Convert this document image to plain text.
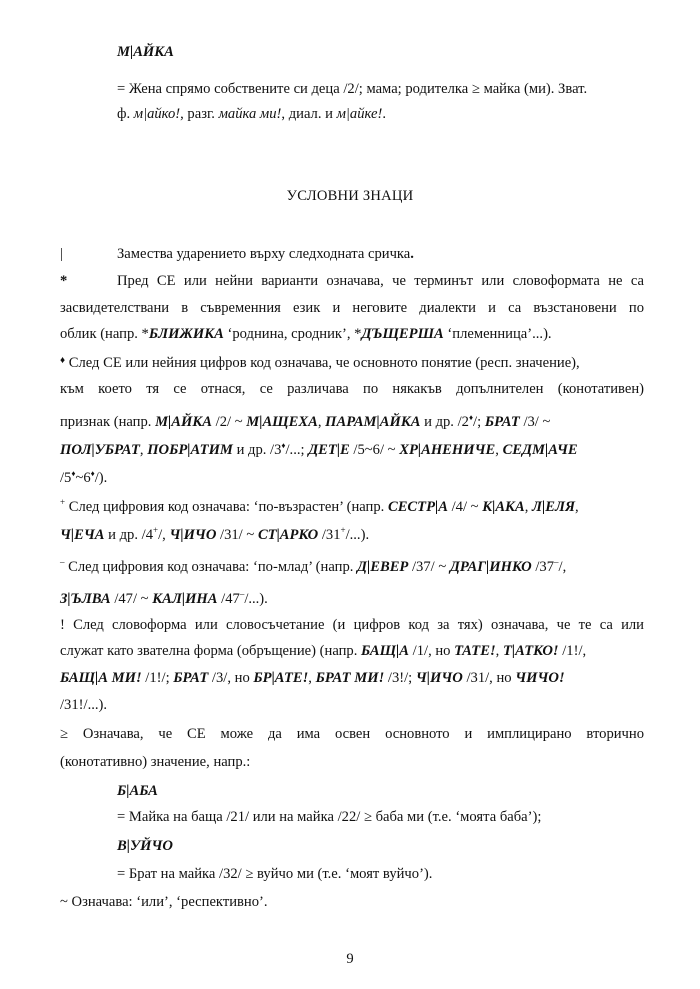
М|АЙКА
= Жена спрямо собствените си деца /2/; мама; родителка ≥ майка (ми). Зват.
ф. м|айко!, разг. майка ми!, диал. и м|айке!.
УСЛОВНИ ЗНАЦИ
|	Замества ударението върху следходната сричка.
*	Пред СЕ или нейни варианти означава, че терминът или словоформата не са
засвидетелствани в съвременния език и неговите диалекти и са възстановени по
облик (напр. *БЛИЖИКА ‘роднина, сродник’, *ДЪЩЕРША ‘племенница’...).
♦ След СЕ или нейния цифров код означава, че основното понятие (респ. значение),
към което тя се отнася, се различава по някакъв допълнителен (конотативен)
признак (напр. М|АЙКА /2/ ~ М|АЩЕХА, ПАРАМ|АЙКА и др. /2♦/; БРАТ /3/ ~
ПОЛ|УБРАТ, ПОБР|АТИМ и др. /3♦/...; ДЕТ|Е /5~6/ ~ ХР|АНЕНИЧЕ, СЕДМ|АЧЕ
/5♦~6♦/).
+ След цифровия код означава: ‘по-възрастен’ (напр. СЕСТР|А /4/ ~ К|АКА, Л|ЕЛЯ,
Ч|ЕЧА и др. /4+/, Ч|ИЧО /31/ ~ СТ|АРКО /31+/...).
– След цифровия код означава: ‘по-млад’ (напр. Д|ЕВЕР /37/ ~ ДРАГ|ИНКО /37–/,
З|ЪЛВА /47/ ~ КАЛ|ИНА /47–/...).
! След словоформа или словосъчетание (и цифров код за тях) означава, че те са или
служат като звателна форма (обръщение) (напр. БАЩ|А /1/, но ТАТЕ!, Т|АТКО! /1!/,
БАЩ|А МИ! /1!/; БРАТ /3/, но БР|АТЕ!, БРАТ МИ! /3!/; Ч|ИЧО /31/, но ЧИЧО!
/31!/...).
≥ Означава, че СЕ може да има освен основното и имплицирано вторично
(конотативно) значение, напр.:
Б|АБА
= Майка на баща /21/ или на майка /22/ ≥ баба ми (т.е. ‘моята баба’);
В|УЙЧО
= Брат на майка /32/ ≥ вуйчо ми (т.е. ‘моят вуйчо’).
~ Означава: ‘или’, ‘респективно’.
9
